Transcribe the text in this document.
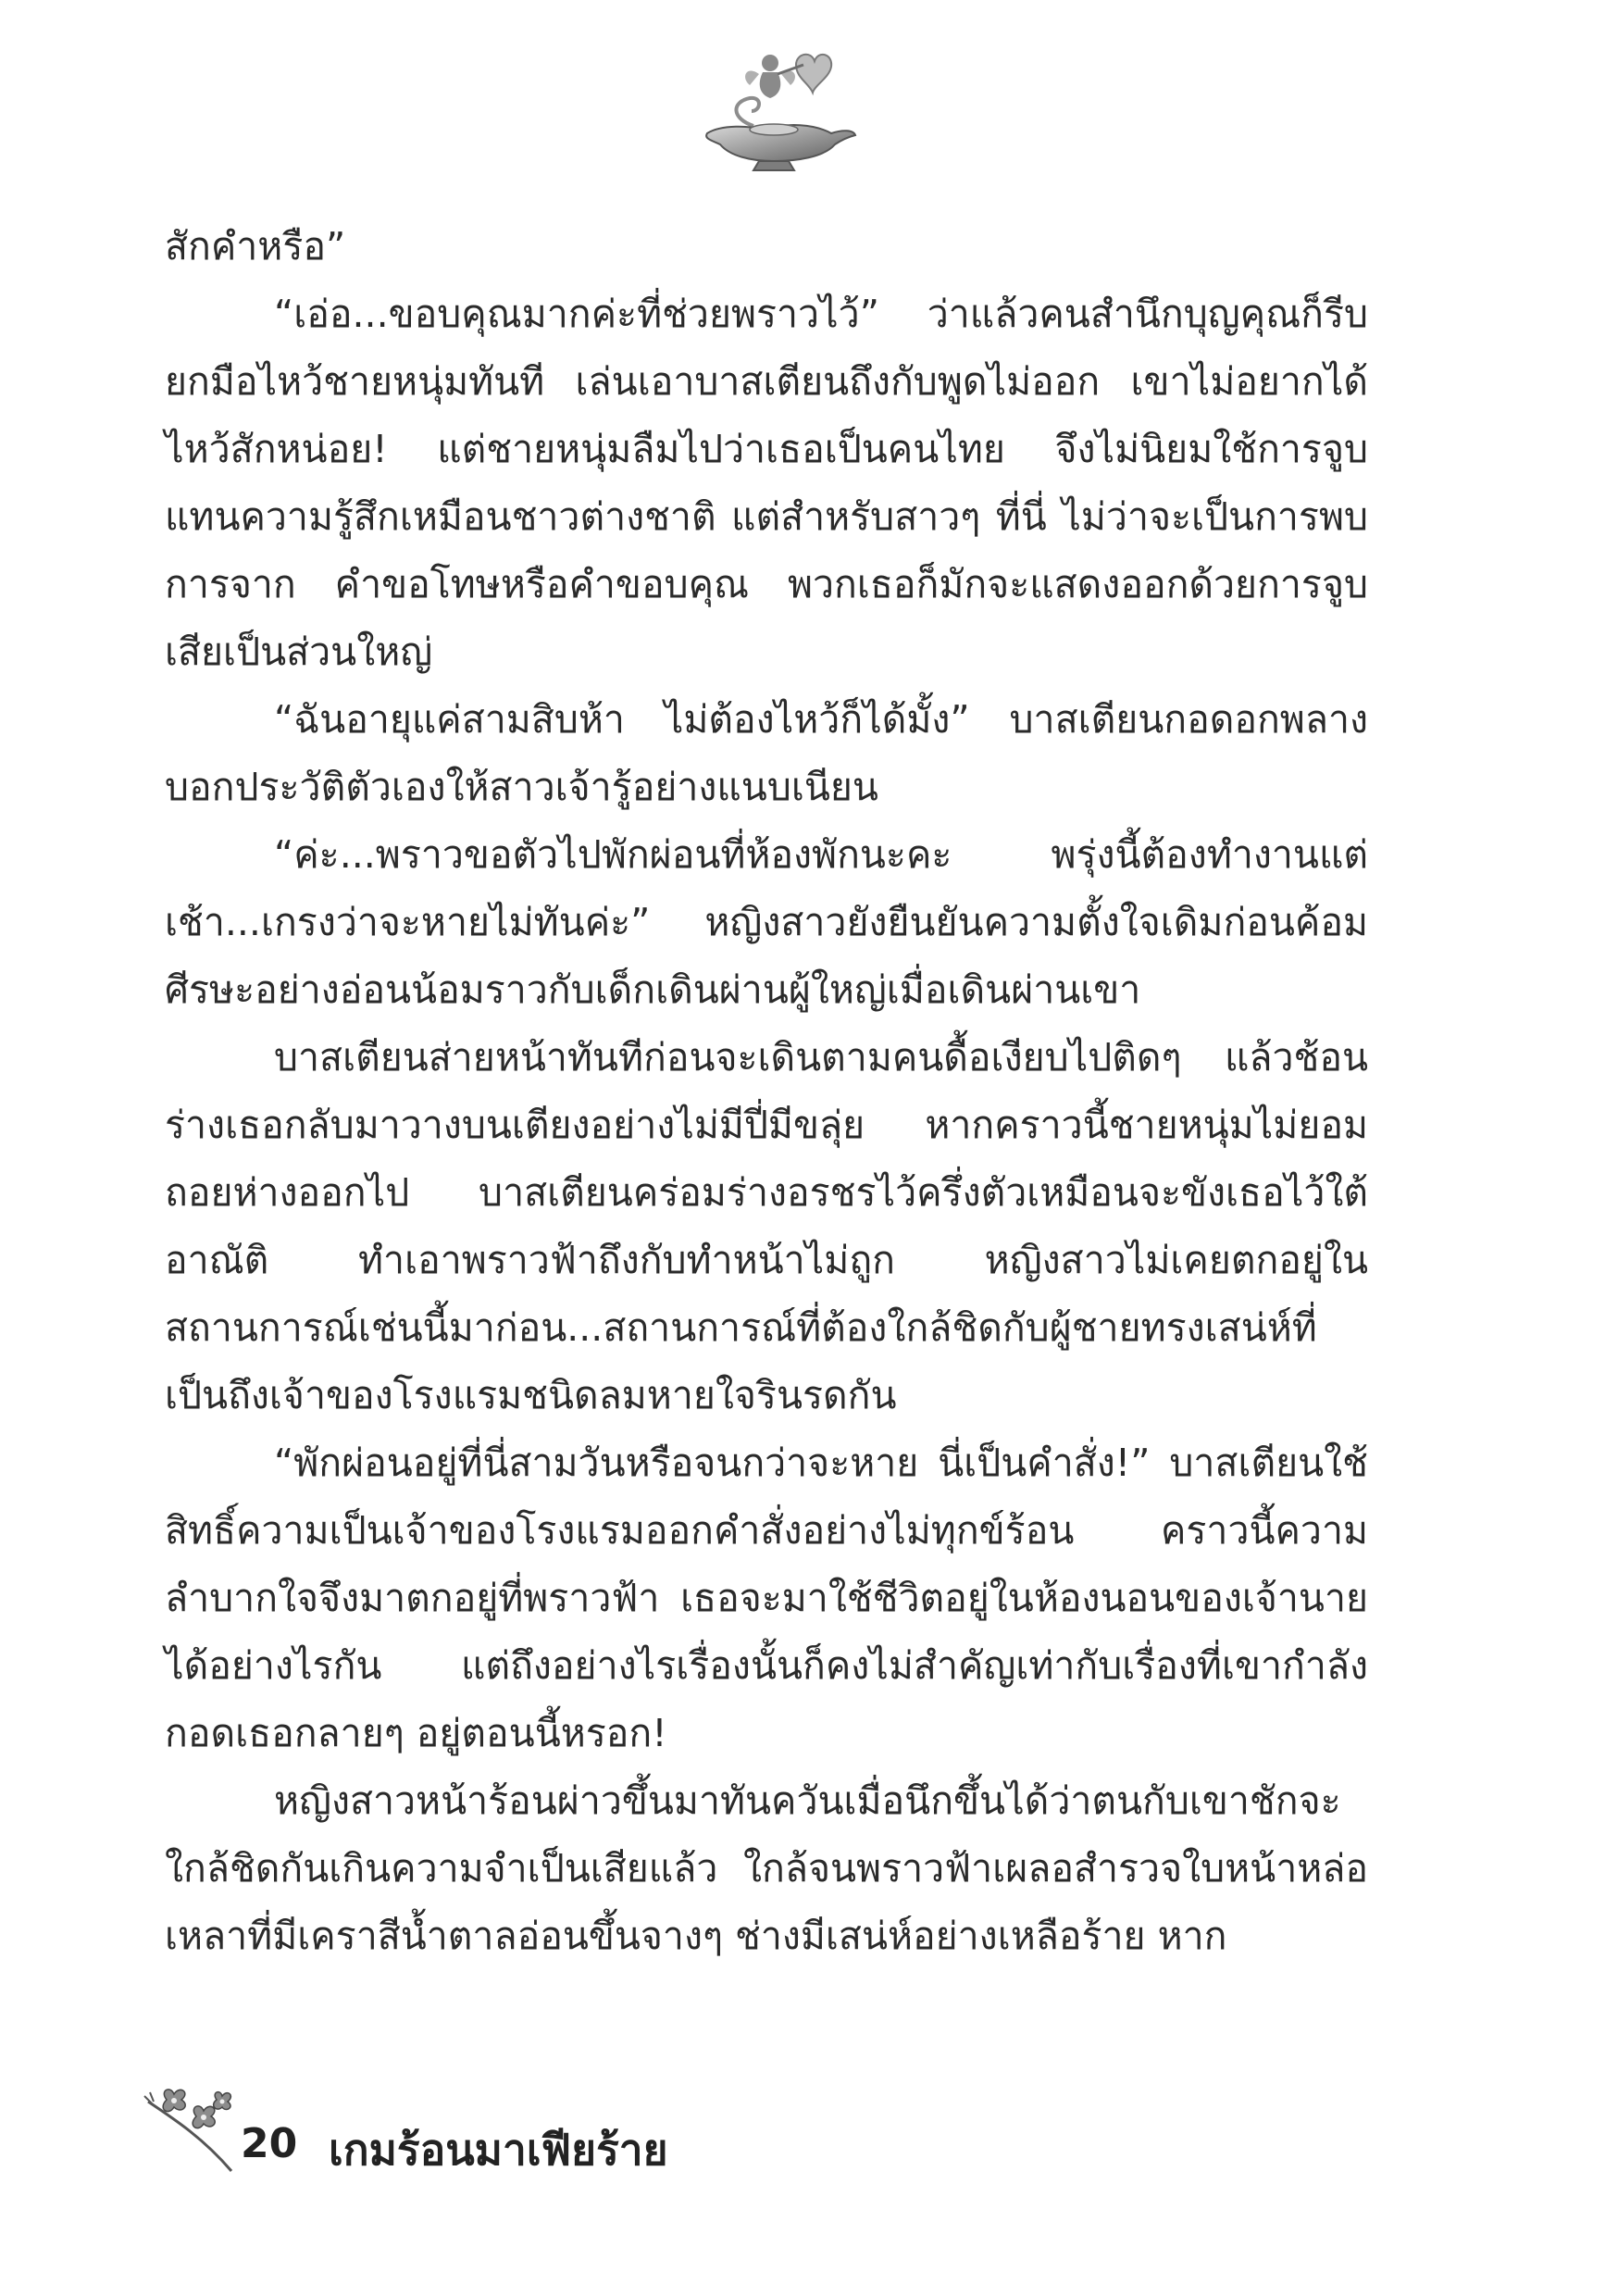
สักคำหรือ”

“เอ่อ...ขอบคุณมากค่ะที่ช่วยพราวไว้” ว่าแล้วคนสำนึกบุญคุณก็รีบยกมือไหว้ชายหนุ่มทันที เล่นเอาบาสเตียนถึงกับพูดไม่ออก เขาไม่อยากได้ไหว้สักหน่อย! แต่ชายหนุ่มลืมไปว่าเธอเป็นคนไทย จึงไม่นิยมใช้การจูบแทนความรู้สึกเหมือนชาวต่างชาติ แต่สำหรับสาวๆ ที่นี่ ไม่ว่าจะเป็นการพบการจาก คำขอโทษหรือคำขอบคุณ พวกเธอก็มักจะแสดงออกด้วยการจูบเสียเป็นส่วนใหญ่

“ฉันอายุแค่สามสิบห้า ไม่ต้องไหว้ก็ได้มั้ง” บาสเตียนกอดอกพลางบอกประวัติตัวเองให้สาวเจ้ารู้อย่างแนบเนียน

“ค่ะ...พราวขอตัวไปพักผ่อนที่ห้องพักนะคะ พรุ่งนี้ต้องทำงานแต่เช้า...เกรงว่าจะหายไม่ทันค่ะ” หญิงสาวยังยืนยันความตั้งใจเดิมก่อนค้อมศีรษะอย่างอ่อนน้อมราวกับเด็กเดินผ่านผู้ใหญ่เมื่อเดินผ่านเขา

บาสเตียนส่ายหน้าทันทีก่อนจะเดินตามคนดื้อเงียบไปติดๆ แล้วช้อนร่างเธอกลับมาวางบนเตียงอย่างไม่มีปี่มีขลุ่ย หากคราวนี้ชายหนุ่มไม่ยอมถอยห่างออกไป บาสเตียนคร่อมร่างอรชรไว้ครึ่งตัวเหมือนจะขังเธอไว้ใต้อาณัติ ทำเอาพราวฟ้าถึงกับทำหน้าไม่ถูก หญิงสาวไม่เคยตกอยู่ในสถานการณ์เช่นนี้มาก่อน...สถานการณ์ที่ต้องใกล้ชิดกับผู้ชายทรงเสน่ห์ที่เป็นถึงเจ้าของโรงแรมชนิดลมหายใจรินรดกัน

“พักผ่อนอยู่ที่นี่สามวันหรือจนกว่าจะหาย นี่เป็นคำสั่ง!” บาสเตียนใช้สิทธิ์ความเป็นเจ้าของโรงแรมออกคำสั่งอย่างไม่ทุกข์ร้อน คราวนี้ความลำบากใจจึงมาตกอยู่ที่พราวฟ้า เธอจะมาใช้ชีวิตอยู่ในห้องนอนของเจ้านายได้อย่างไรกัน แต่ถึงอย่างไรเรื่องนั้นก็คงไม่สำคัญเท่ากับเรื่องที่เขากำลังกอดเธอกลายๆ อยู่ตอนนี้หรอก!

หญิงสาวหน้าร้อนผ่าวขึ้นมาทันควันเมื่อนึกขึ้นได้ว่าตนกับเขาชักจะใกล้ชิดกันเกินความจำเป็นเสียแล้ว ใกล้จนพราวฟ้าเผลอสำรวจใบหน้าหล่อเหลาที่มีเคราสีน้ำตาลอ่อนขึ้นจางๆ ช่างมีเสน่ห์อย่างเหลือร้าย หาก

20 เกมร้อนมาเฟียร้าย
